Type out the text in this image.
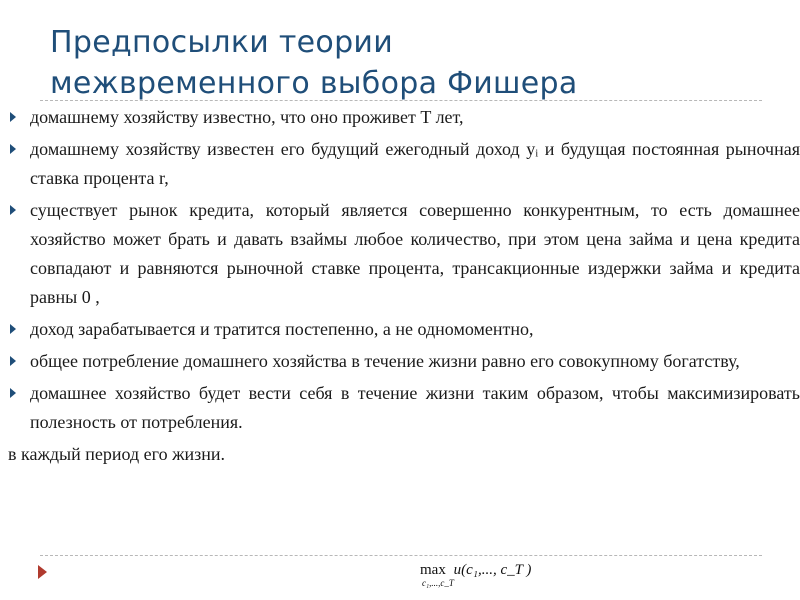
Предпосылки теории
межвременного выбора Фишера
домашнему хозяйству известно, что оно проживет T лет,
домашнему хозяйству известен его будущий ежегодный доход yᵢ и будущая постоянная рыночная ставка процента r,
существует рынок кредита, который является совершенно конкурентным, то есть домашнее хозяйство может брать и давать взаймы любое количество, при этом цена займа и цена кредита совпадают и равняются рыночной ставке процента, трансакционные издержки займа и кредита равны 0 ,
доход зарабатывается и тратится постепенно, а не одномоментно,
общее потребление домашнего хозяйства в течение жизни равно его совокупному богатству,
домашнее хозяйство будет вести себя в течение жизни таким образом, чтобы максимизировать полезность от потребления.

в каждый период его жизни.

max
c₁,...,c_T
u(c₁,..., c_T )
